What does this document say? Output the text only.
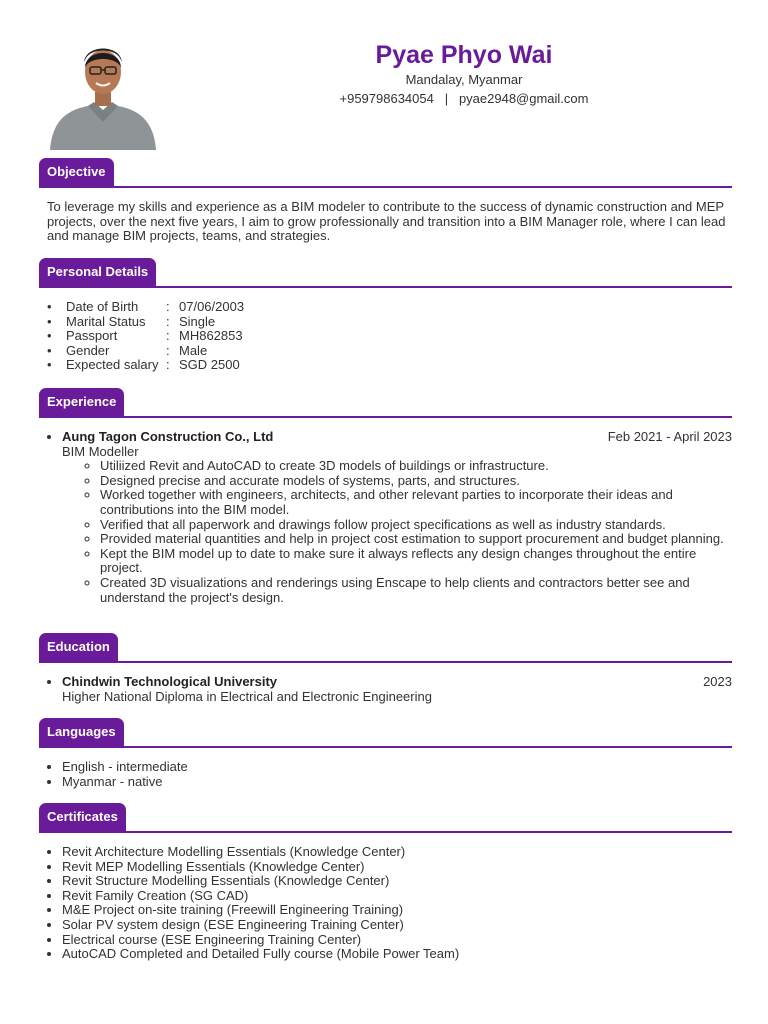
Pyae Phyo Wai
Mandalay, Myanmar
+959798634054 | pyae2948@gmail.com
Objective
To leverage my skills and experience as a BIM modeler to contribute to the success of dynamic construction and MEP projects, over the next five years, I aim to grow professionally and transition into a BIM Manager role, where I can lead and manage BIM projects, teams, and strategies.
Personal Details
• Date of Birth : 07/06/2003
• Marital Status : Single
• Passport	: MH862853
• Gender	: Male
• Expected salary : SGD 2500
Experience
• Aung Tagon Construction Co., Ltd	Feb 2021 - April 2023
BIM Modeller
◦ Utiliized Revit and AutoCAD to create 3D models of buildings or infrastructure.
◦ Designed precise and accurate models of systems, parts, and structures.
◦ Worked together with engineers, architects, and other relevant parties to incorporate their ideas and contributions into the BIM model.
◦ Verified that all paperwork and drawings follow project specifications as well as industry standards.
◦ Provided material quantities and help in project cost estimation to support procurement and budget planning.
◦ Kept the BIM model up to date to make sure it always reflects any design changes throughout the entire project.
◦ Created 3D visualizations and renderings using Enscape to help clients and contractors better see and understand the project's design.
Education
• Chindwin Technological University	2023
Higher National Diploma in Electrical and Electronic Engineering
Languages
• English - intermediate
• Myanmar - native
Certificates
• Revit Architecture Modelling Essentials (Knowledge Center)
• Revit MEP Modelling Essentials (Knowledge Center)
• Revit Structure Modelling Essentials (Knowledge Center)
• Revit Family Creation (SG CAD)
• M&E Project on-site training (Freewill Engineering Training)
• Solar PV system design (ESE Engineering Training Center)
• Electrical course (ESE Engineering Training Center)
• AutoCAD Completed and Detailed Fully course (Mobile Power Team)
